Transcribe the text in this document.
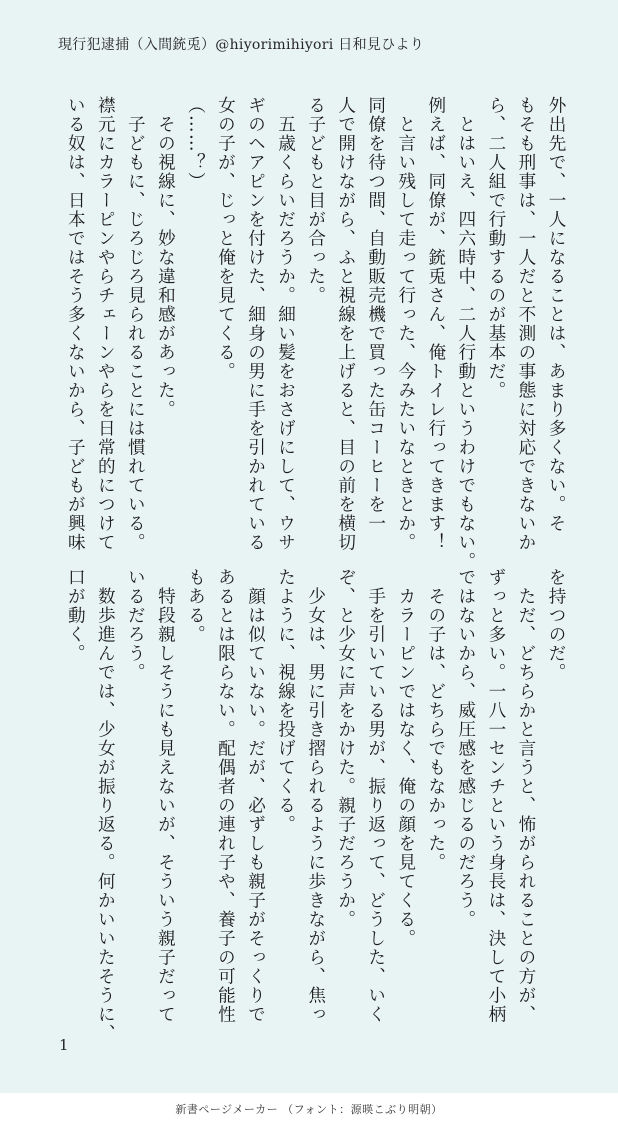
現行犯逮捕（入間銃兎）@hiyorimihiyori 日和見ひより
外出先で、一人になることは、あまり多くない。そ
もそも刑事は、一人だと不測の事態に対応できないか
ら、二人組で行動するのが基本だ。
　とはいえ、四六時中、二人行動というわけでもない。
例えば、同僚が、銃兎さん、俺トイレ行ってきます！
　と言い残して走って行った、今みたいなときとか。
同僚を待つ間、自動販売機で買った缶コーヒーを一
人で開けながら、ふと視線を上げると、目の前を横切
る子どもと目が合った。
　五歳くらいだろうか。細い髪をおさげにして、ウサ
ギのヘアピンを付けた、細身の男に手を引かれている
女の子が、じっと俺を見てくる。
（……？）
　その視線に、妙な違和感があった。
　子どもに、じろじろ見られることには慣れている。
襟元にカラーピンやらチェーンやらを日常的につけて
いる奴は、日本ではそう多くないから、子どもが興味
を持つのだ。
　ただ、どちらかと言うと、怖がられることの方が、
ずっと多い。一八一センチという身長は、決して小柄
ではないから、威圧感を感じるのだろう。
　その子は、どちらでもなかった。
　カラーピンではなく、俺の顔を見てくる。
　手を引いている男が、振り返って、どうした、いく
ぞ、と少女に声をかけた。親子だろうか。
　少女は、男に引き摺られるように歩きながら、焦っ
たように、視線を投げてくる。
　顔は似ていない。だが、必ずしも親子がそっくりで
あるとは限らない。配偶者の連れ子や、養子の可能性
もある。
　特段親しそうにも見えないが、そういう親子だって
いるだろう。
　数歩進んでは、少女が振り返る。何かいいたそうに、
口が動く。
1
新書ページメーカー （フォント：源暎こぶり明朝）
